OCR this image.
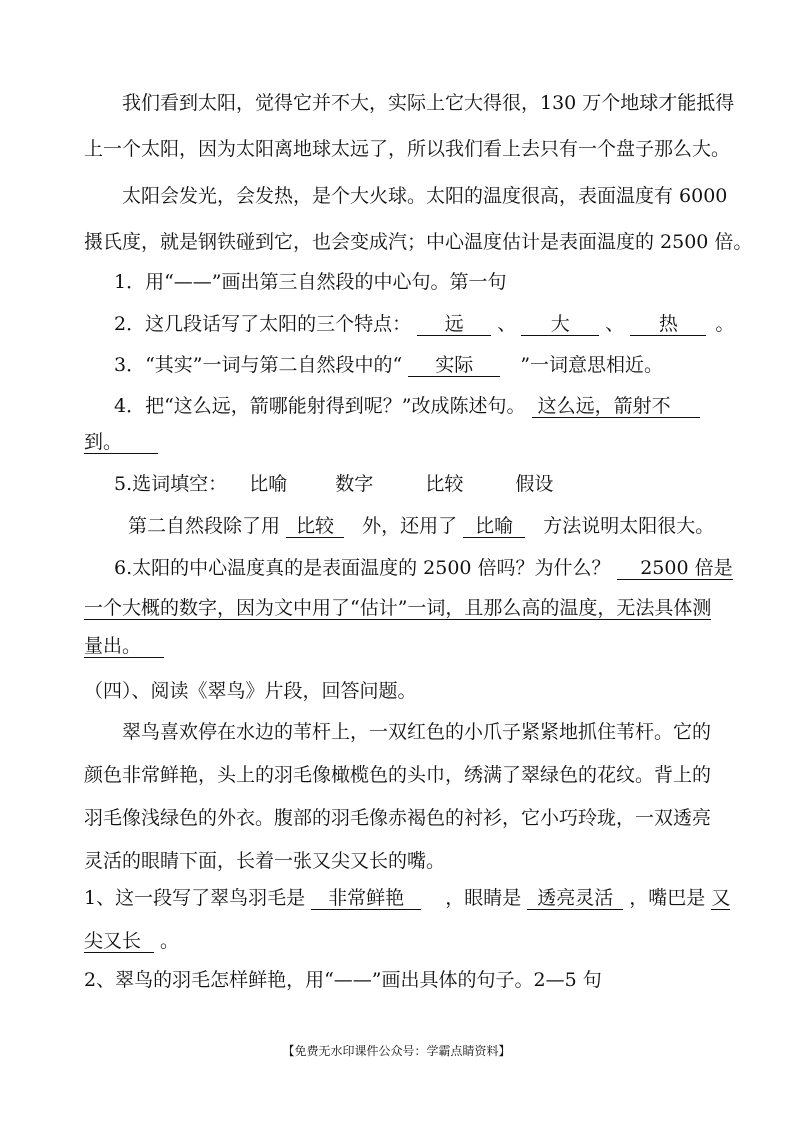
我们看到太阳，觉得它并不大，实际上它大得很，130 万个地球才能抵得
上一个太阳，因为太阳离地球太远了，所以我们看上去只有一个盘子那么大。
太阳会发光，会发热，是个大火球。太阳的温度很高，表面温度有 6000
摄氏度，就是钢铁碰到它，也会变成汽；中心温度估计是表面温度的 2500 倍。
1．用“——”画出第三自然段的中心句。第一句
2．这几段话写了太阳的三个特点： 远 、 大 、 热 。
3．“其实”一词与第二自然段中的“ 实际 ”一词意思相近。
4．把“这么远，箭哪能射得到呢？”改成陈述句。 这么远，箭射不
到。
5.选词填空： 比喻	数字	比较	假设
第二自然段除了用 比较 外，还用了 比喻 方法说明太阳很大。
6.太阳的中心温度真的是表面温度的 2500 倍吗？为什么？ 2500 倍是
一个大概的数字，因为文中用了“估计”一词，且那么高的温度，无法具体测
量出。
（四）、阅读《翠鸟》片段，回答问题。
翠鸟喜欢停在水边的苇杆上，一双红色的小爪子紧紧地抓住苇杆。它的
颜色非常鲜艳，头上的羽毛像橄榄色的头巾，绣满了翠绿色的花纹。背上的
羽毛像浅绿色的外衣。腹部的羽毛像赤褐色的衬衫，它小巧玲珑，一双透亮
灵活的眼睛下面，长着一张又尖又长的嘴。
1、这一段写了翠鸟羽毛是 非常鲜艳 ，眼睛是 透亮灵活 ，嘴巴是 又
尖又长 。
2、翠鸟的羽毛怎样鲜艳，用“——”画出具体的句子。2—5 句
【免费无水印课件公众号：学霸点睛资料】
